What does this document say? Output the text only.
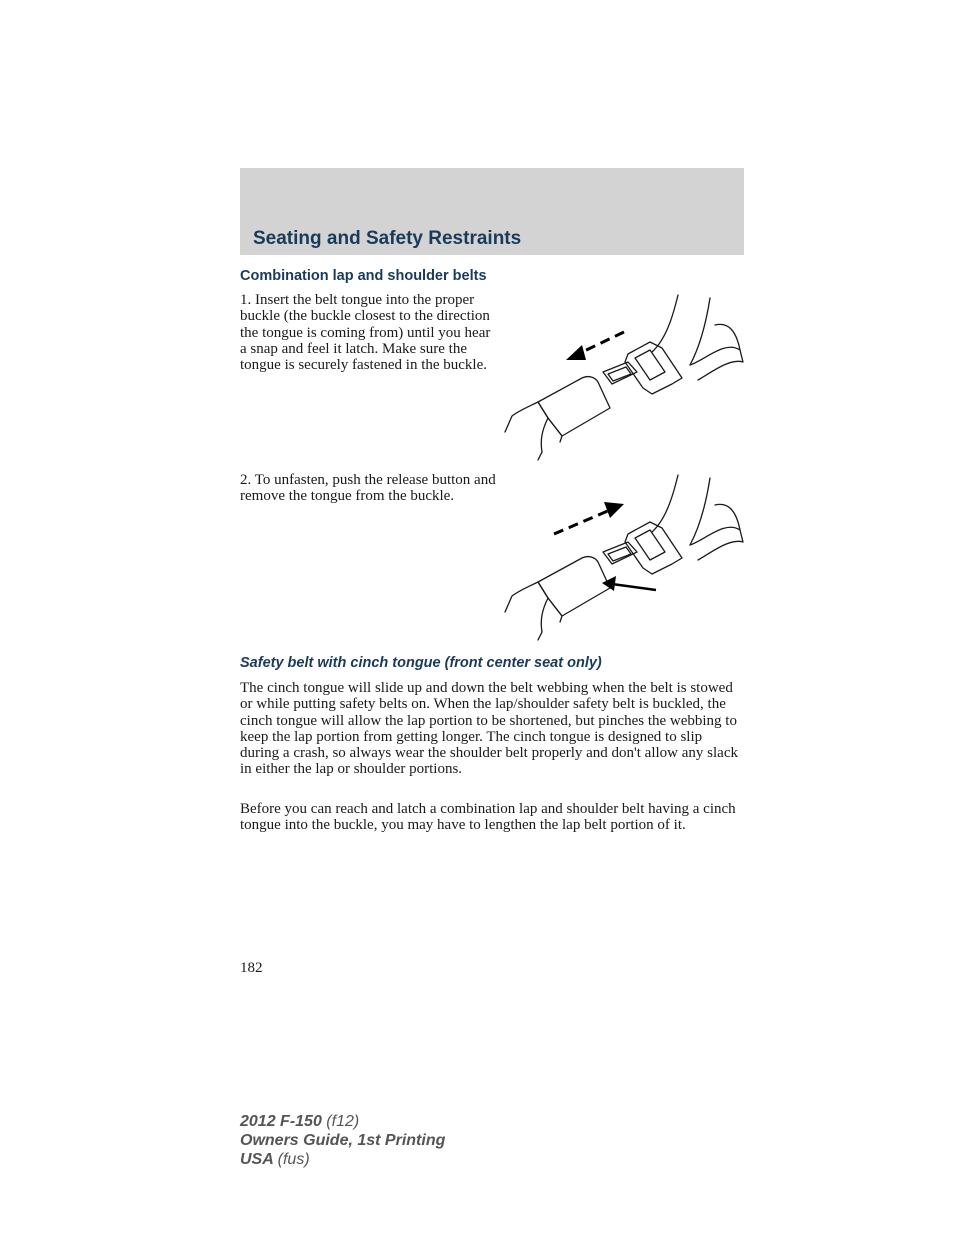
Seating and Safety Restraints
Combination lap and shoulder belts
1. Insert the belt tongue into the proper buckle (the buckle closest to the direction the tongue is coming from) until you hear a snap and feel it latch. Make sure the tongue is securely fastened in the buckle.
2. To unfasten, push the release button and remove the tongue from the buckle.
Safety belt with cinch tongue (front center seat only)
The cinch tongue will slide up and down the belt webbing when the belt is stowed or while putting safety belts on. When the lap/shoulder safety belt is buckled, the cinch tongue will allow the lap portion to be shortened, but pinches the webbing to keep the lap portion from getting longer. The cinch tongue is designed to slip during a crash, so always wear the shoulder belt properly and don't allow any slack in either the lap or shoulder portions.
Before you can reach and latch a combination lap and shoulder belt having a cinch tongue into the buckle, you may have to lengthen the lap belt portion of it.
182
2012 F-150 (f12)
Owners Guide, 1st Printing
USA (fus)
